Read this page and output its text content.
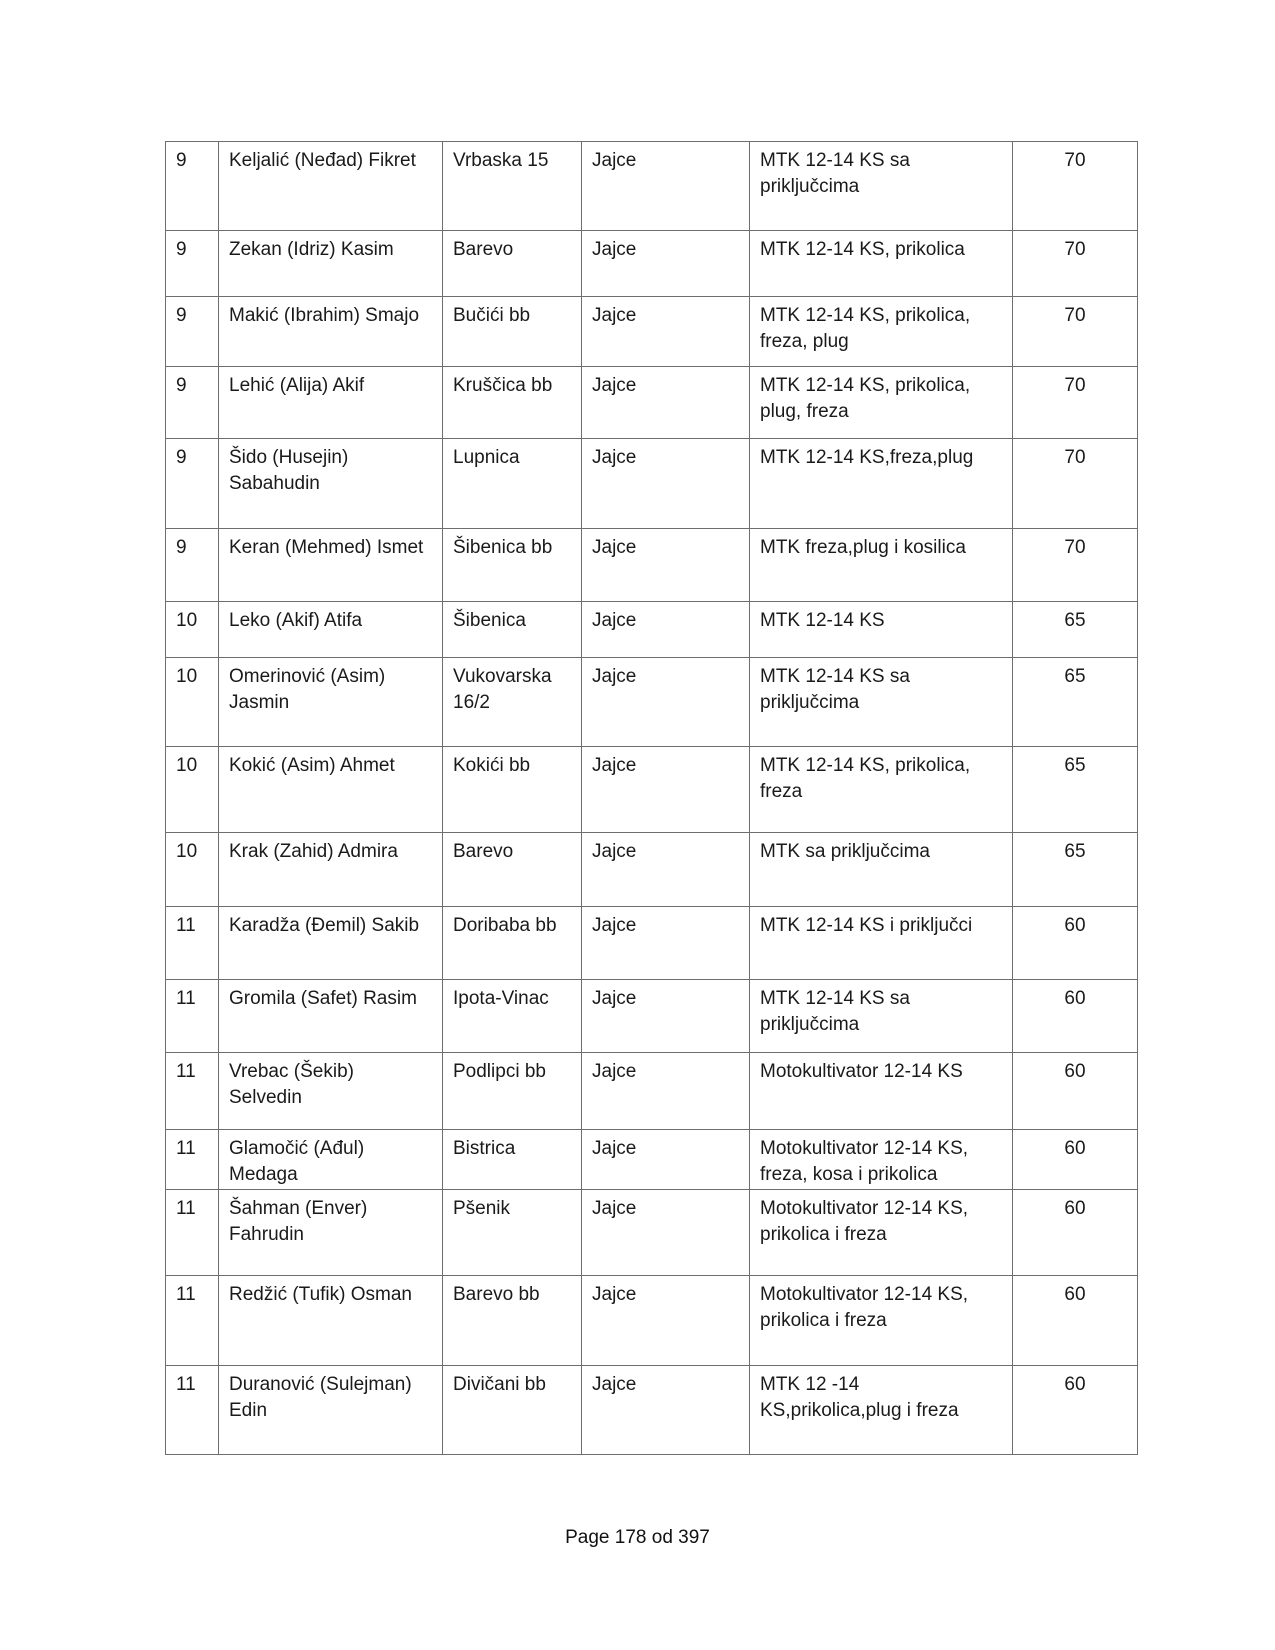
9	Keljalić (Neđad) Fikret	Vrbaska 15	Jajce	MTK 12-14 KS sa priključcima	70
9	Zekan (Idriz) Kasim	Barevo	Jajce	MTK 12-14 KS, prikolica	70
9	Makić (Ibrahim) Smajo	Bučići bb	Jajce	MTK 12-14 KS, prikolica, freza, plug	70
9	Lehić (Alija) Akif	Kruščica bb	Jajce	MTK 12-14 KS, prikolica, plug, freza	70
9	Šido (Husejin) Sabahudin	Lupnica	Jajce	MTK 12-14 KS,freza,plug	70
9	Keran (Mehmed) Ismet	Šibenica bb	Jajce	MTK freza,plug i kosilica	70
10	Leko (Akif) Atifa	Šibenica	Jajce	MTK 12-14 KS	65
10	Omerinović (Asim) Jasmin	Vukovarska 16/2	Jajce	MTK 12-14 KS sa priključcima	65
10	Kokić (Asim) Ahmet	Kokići bb	Jajce	MTK 12-14 KS, prikolica, freza	65
10	Krak (Zahid) Admira	Barevo	Jajce	MTK sa priključcima	65
11	Karadža (Đemil) Sakib	Doribaba bb	Jajce	MTK 12-14 KS i priključci	60
11	Gromila (Safet) Rasim	Ipota-Vinac	Jajce	MTK 12-14 KS sa priključcima	60
11	Vrebac (Šekib) Selvedin	Podlipci bb	Jajce	Motokultivator 12-14 KS	60
11	Glamočić (Ađul) Medaga	Bistrica	Jajce	Motokultivator 12-14 KS, freza, kosa i prikolica	60
11	Šahman (Enver) Fahrudin	Pšenik	Jajce	Motokultivator 12-14 KS, prikolica i freza	60
11	Redžić (Tufik) Osman	Barevo bb	Jajce	Motokultivator 12-14 KS, prikolica i freza	60
11	Duranović (Sulejman) Edin	Divičani bb	Jajce	MTK 12 -14 KS,prikolica,plug i freza	60
Page 178 od 397
